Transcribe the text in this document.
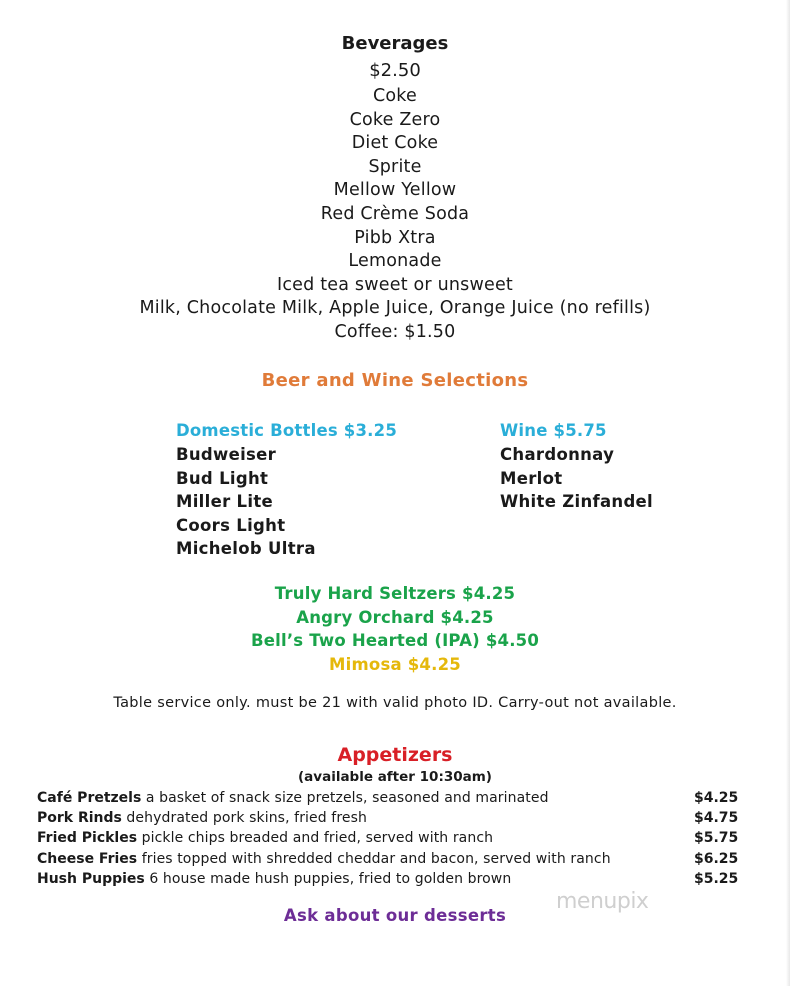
Beverages
$2.50
Coke
Coke Zero
Diet Coke
Sprite
Mellow Yellow
Red Crème Soda
Pibb Xtra
Lemonade
Iced tea sweet or unsweet
Milk, Chocolate Milk, Apple Juice, Orange Juice (no refills)
Coffee: $1.50
Beer and Wine Selections
Domestic Bottles $3.25
Budweiser
Bud Light
Miller Lite
Coors Light
Michelob Ultra
Wine $5.75
Chardonnay
Merlot
White Zinfandel
Truly Hard Seltzers $4.25
Angry Orchard $4.25
Bell’s Two Hearted (IPA) $4.50
Mimosa $4.25
Table service only. must be 21 with valid photo ID. Carry-out not available.
Appetizers
(available after 10:30am)
Café Pretzels a basket of snack size pretzels, seasoned and marinated	$4.25
Pork Rinds dehydrated pork skins, fried fresh	$4.75
Fried Pickles pickle chips breaded and fried, served with ranch	$5.75
Cheese Fries fries topped with shredded cheddar and bacon, served with ranch	$6.25
Hush Puppies 6 house made hush puppies, fried to golden brown	$5.25
Ask about our desserts
menupix
